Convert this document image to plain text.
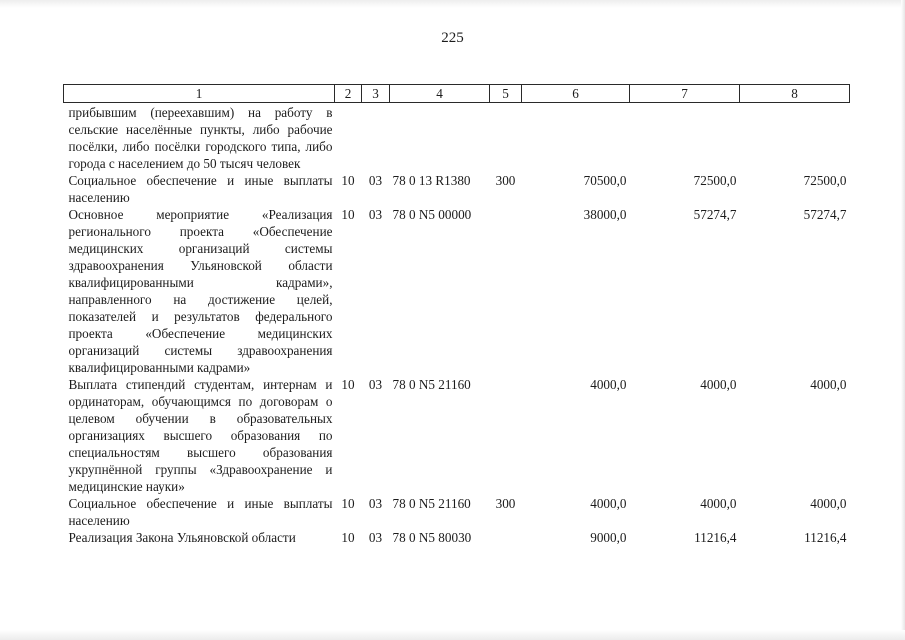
225
1	2	3	4	5	6	7	8
прибывшим (переехавшим) на работу в сельские населённые пункты, либо рабочие посёлки, либо посёлки городского типа, либо города с населением до 50 тысяч человек							
Социальное обеспечение и иные выплаты населению	10	03	78 0 13 R1380	300	70500,0	72500,0	72500,0
Основное мероприятие «Реализация регионального проекта «Обеспечение медицинских организаций системы здравоохранения Ульяновской области квалифицированными кадрами», направленного на достижение целей, показателей и результатов федерального проекта «Обеспечение медицинских организаций системы здравоохранения квалифицированными кадрами»	10	03	78 0 N5 00000		38000,0	57274,7	57274,7
Выплата стипендий студентам, интернам и ординаторам, обучающимся по договорам о целевом обучении в образовательных организациях высшего образования по специальностям высшего образования укрупнённой группы «Здравоохранение и медицинские науки»	10	03	78 0 N5 21160		4000,0	4000,0	4000,0
Социальное обеспечение и иные выплаты населению	10	03	78 0 N5 21160	300	4000,0	4000,0	4000,0
Реализация Закона Ульяновской области	10	03	78 0 N5 80030		9000,0	11216,4	11216,4
